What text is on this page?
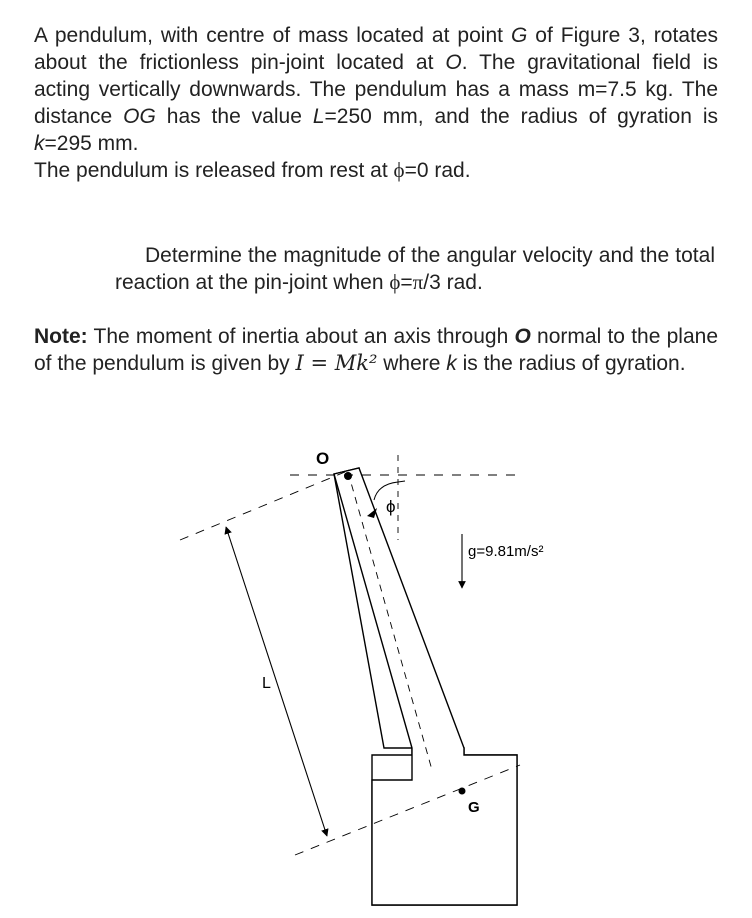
A pendulum, with centre of mass located at point G of Figure 3, rotates about the frictionless pin-joint located at O. The gravitational field is acting vertically downwards. The pendulum has a mass m=7.5 kg. The distance OG has the value L=250 mm, and the radius of gyration is k=295 mm.
The pendulum is released from rest at ϕ=0 rad.

Determine the magnitude of the angular velocity and the total reaction at the pin-joint when ϕ=π/3 rad.

Note: The moment of inertia about an axis through O normal to the plane of the pendulum is given by I = Mk² where k is the radius of gyration.

L
ϕ
O
G
g=9.81m/s²
